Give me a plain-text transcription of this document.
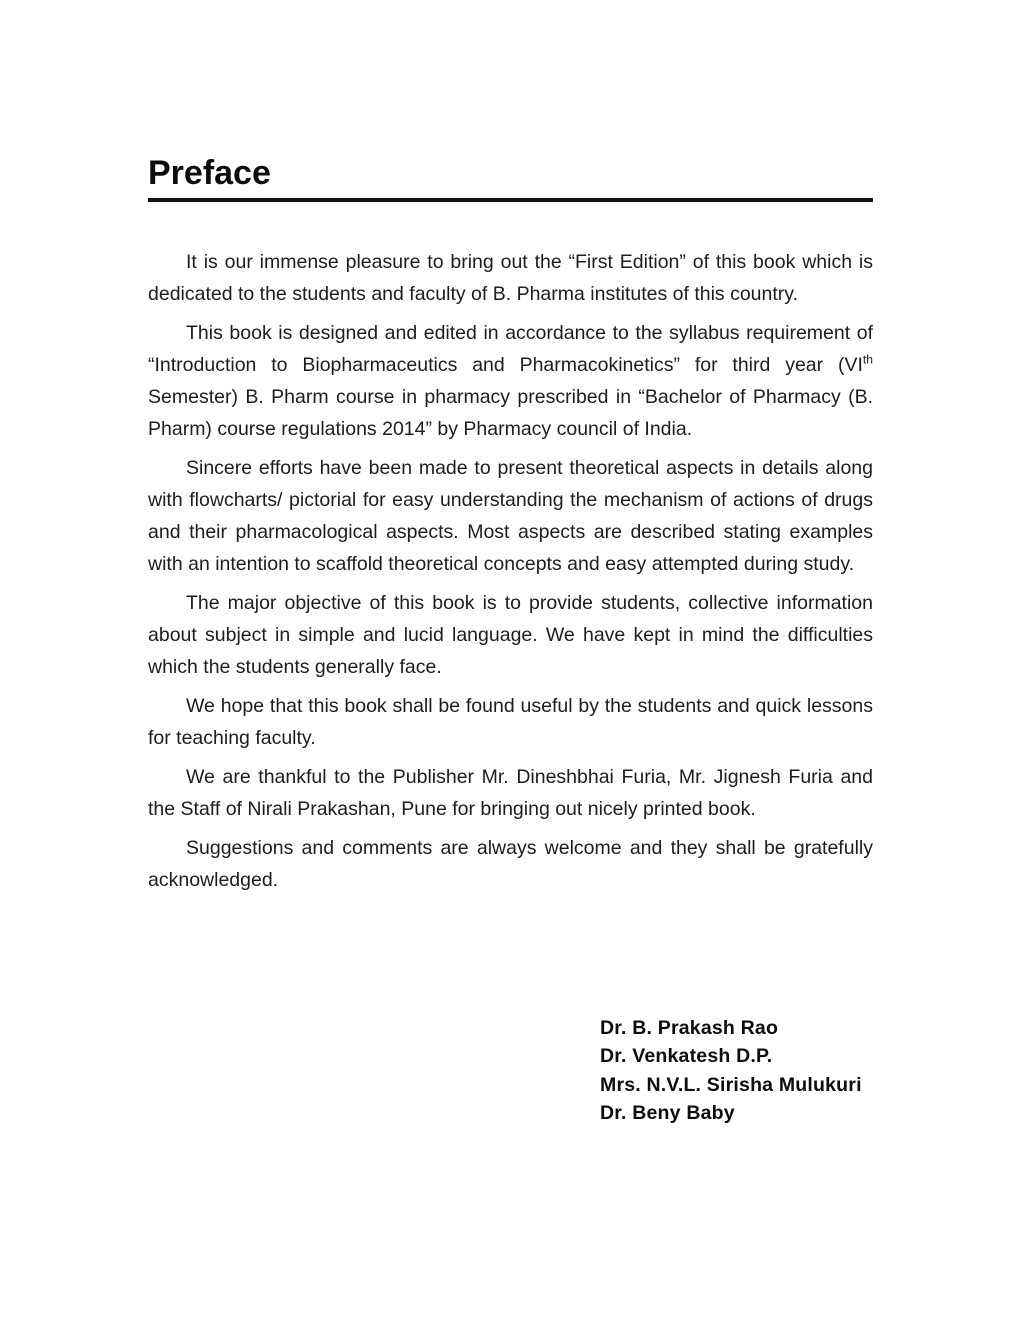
Preface

It is our immense pleasure to bring out the “First Edition” of this book which is dedicated to the students and faculty of B. Pharma institutes of this country.

This book is designed and edited in accordance to the syllabus requirement of “Introduction to Biopharmaceutics and Pharmacokinetics” for third year (VIth Semester) B. Pharm course in pharmacy prescribed in “Bachelor of Pharmacy (B. Pharm) course regulations 2014” by Pharmacy council of India.

Sincere efforts have been made to present theoretical aspects in details along with flowcharts/ pictorial for easy understanding the mechanism of actions of drugs and their pharmacological aspects. Most aspects are described stating examples with an intention to scaffold theoretical concepts and easy attempted during study.

The major objective of this book is to provide students, collective information about subject in simple and lucid language. We have kept in mind the difficulties which the students generally face.

We hope that this book shall be found useful by the students and quick lessons for teaching faculty.

We are thankful to the Publisher Mr. Dineshbhai Furia, Mr. Jignesh Furia and the Staff of Nirali Prakashan, Pune for bringing out nicely printed book.

Suggestions and comments are always welcome and they shall be gratefully acknowledged.

Dr. B. Prakash Rao
Dr. Venkatesh D.P.
Mrs. N.V.L. Sirisha Mulukuri
Dr. Beny Baby
